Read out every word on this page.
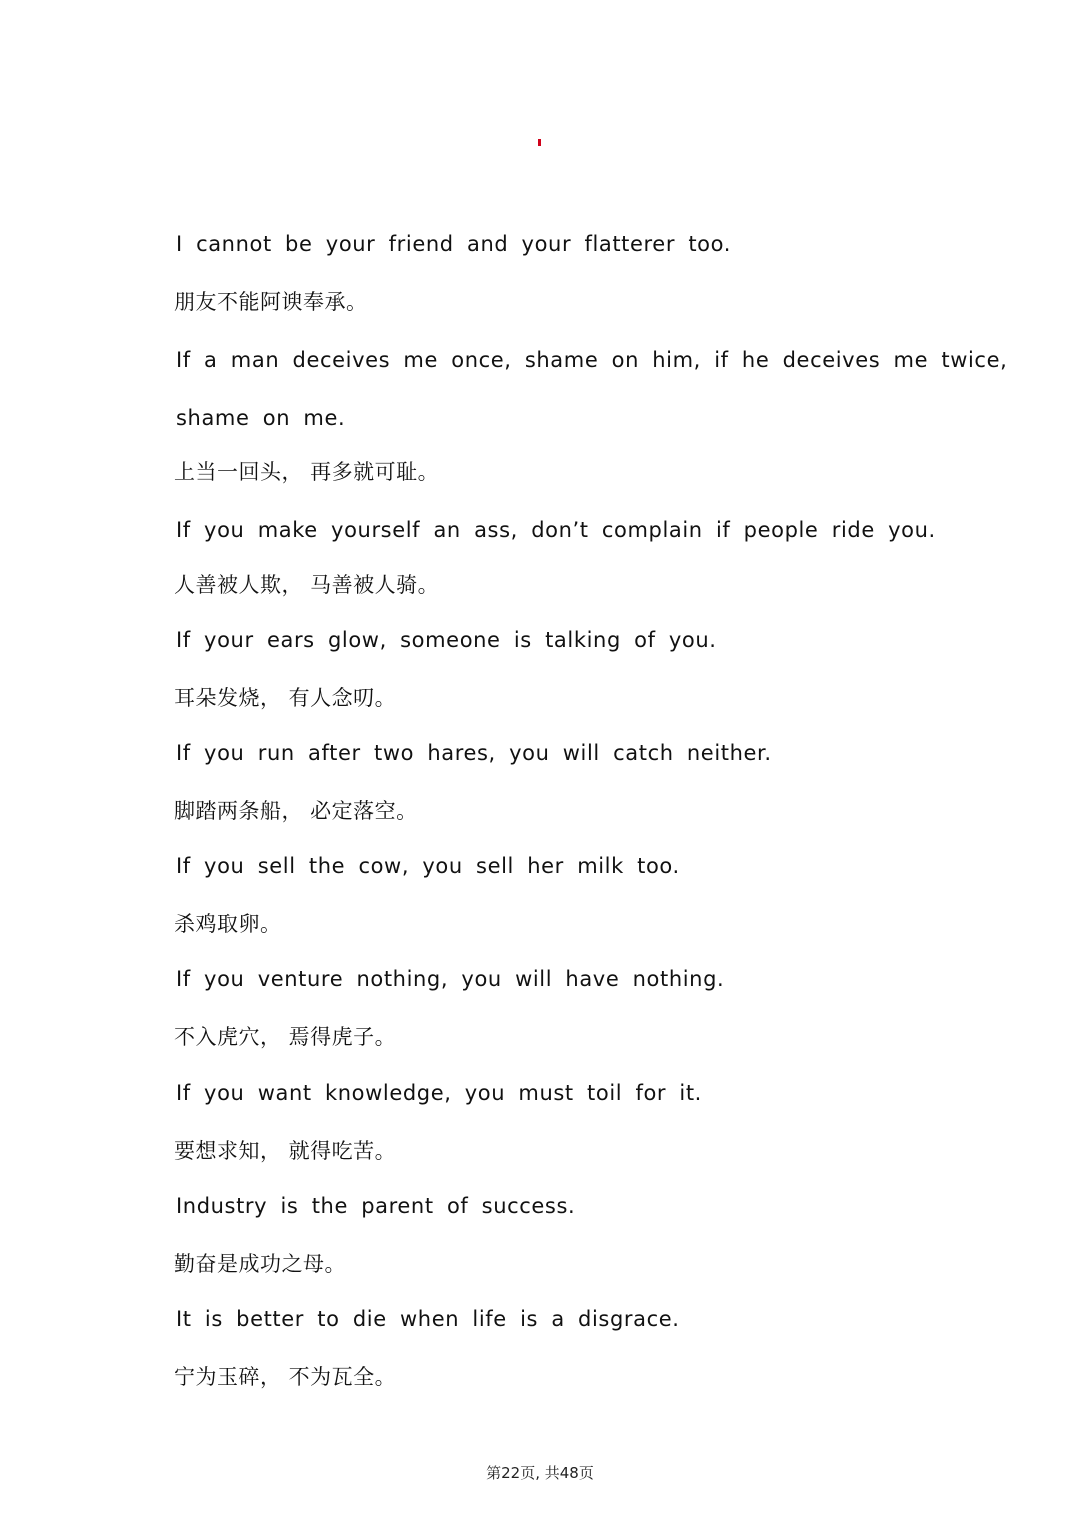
I cannot be your friend and your flatterer too.
朋友不能阿谀奉承。
If a man deceives me once, shame on him, if he deceives me twice,
shame on me.
上当一回头， 再多就可耻。
If you make yourself an ass, don’t complain if people ride you.
人善被人欺， 马善被人骑。
If your ears glow, someone is talking of you.
耳朵发烧， 有人念叨。
If you run after two hares, you will catch neither.
脚踏两条船， 必定落空。
If you sell the cow, you sell her milk too.
杀鸡取卵。
If you venture nothing, you will have nothing.
不入虎穴， 焉得虎子。
If you want knowledge, you must toil for it.
要想求知， 就得吃苦。
Industry is the parent of success.
勤奋是成功之母。
It is better to die when life is a disgrace.
宁为玉碎， 不为瓦全。
第22页, 共48页
